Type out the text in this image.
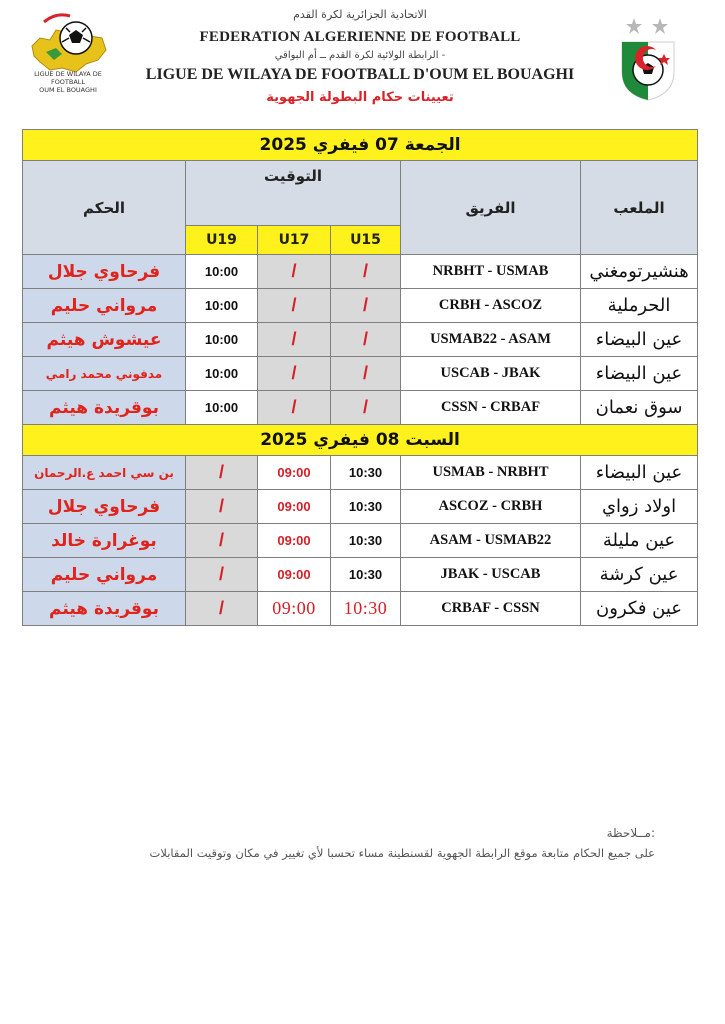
LIGUE DE WILAYA DE FOOTBALL
OUM EL BOUAGHI
الاتحادية الجزائرية لكرة القدم
FEDERATION ALGERIENNE DE FOOTBALL
الرابطة الولائية لكرة القدم ــ أم البواقي -
LIGUE DE WILAYA DE FOOTBALL D'OUM EL BOUAGHI
تعيينات حكام البطولة الجهوية
الجمعة 07 فيفري 2025					
الحكم	التوقيت			الفريق	الملعب
	U19	U17	U15		
فرحاوي جلال	10:00	/	/	NRBHT - USMAB	هنشيرتومغني
مرواني حليم	10:00	/	/	CRBH - ASCOZ	الحرملية
عيشوش هيثم	10:00	/	/	USMAB22 - ASAM	عين البيضاء
مدفوني محمد رامي	10:00	/	/	USCAB - JBAK	عين البيضاء
بوقريدة هيثم	10:00	/	/	CSSN - CRBAF	سوق نعمان
السبت 08 فيفري 2025					
بن سي احمد ع.الرحمان	/	09:00	10:30	USMAB - NRBHT	عين البيضاء
فرحاوي جلال	/	09:00	10:30	ASCOZ - CRBH	اولاد زواي
بوغرارة خالد	/	09:00	10:30	ASAM - USMAB22	عين مليلة
مرواني حليم	/	09:00	10:30	JBAK - USCAB	عين كرشة
بوقريدة هيثم	/	09:00	10:30	CRBAF - CSSN	عين فكرون
مــلاحظة:
على جميع الحكام متابعة موقع الرابطة الجهوية لقسنطينة مساء تحسبا لأي تغيير في مكان وتوقيت المقابلات
